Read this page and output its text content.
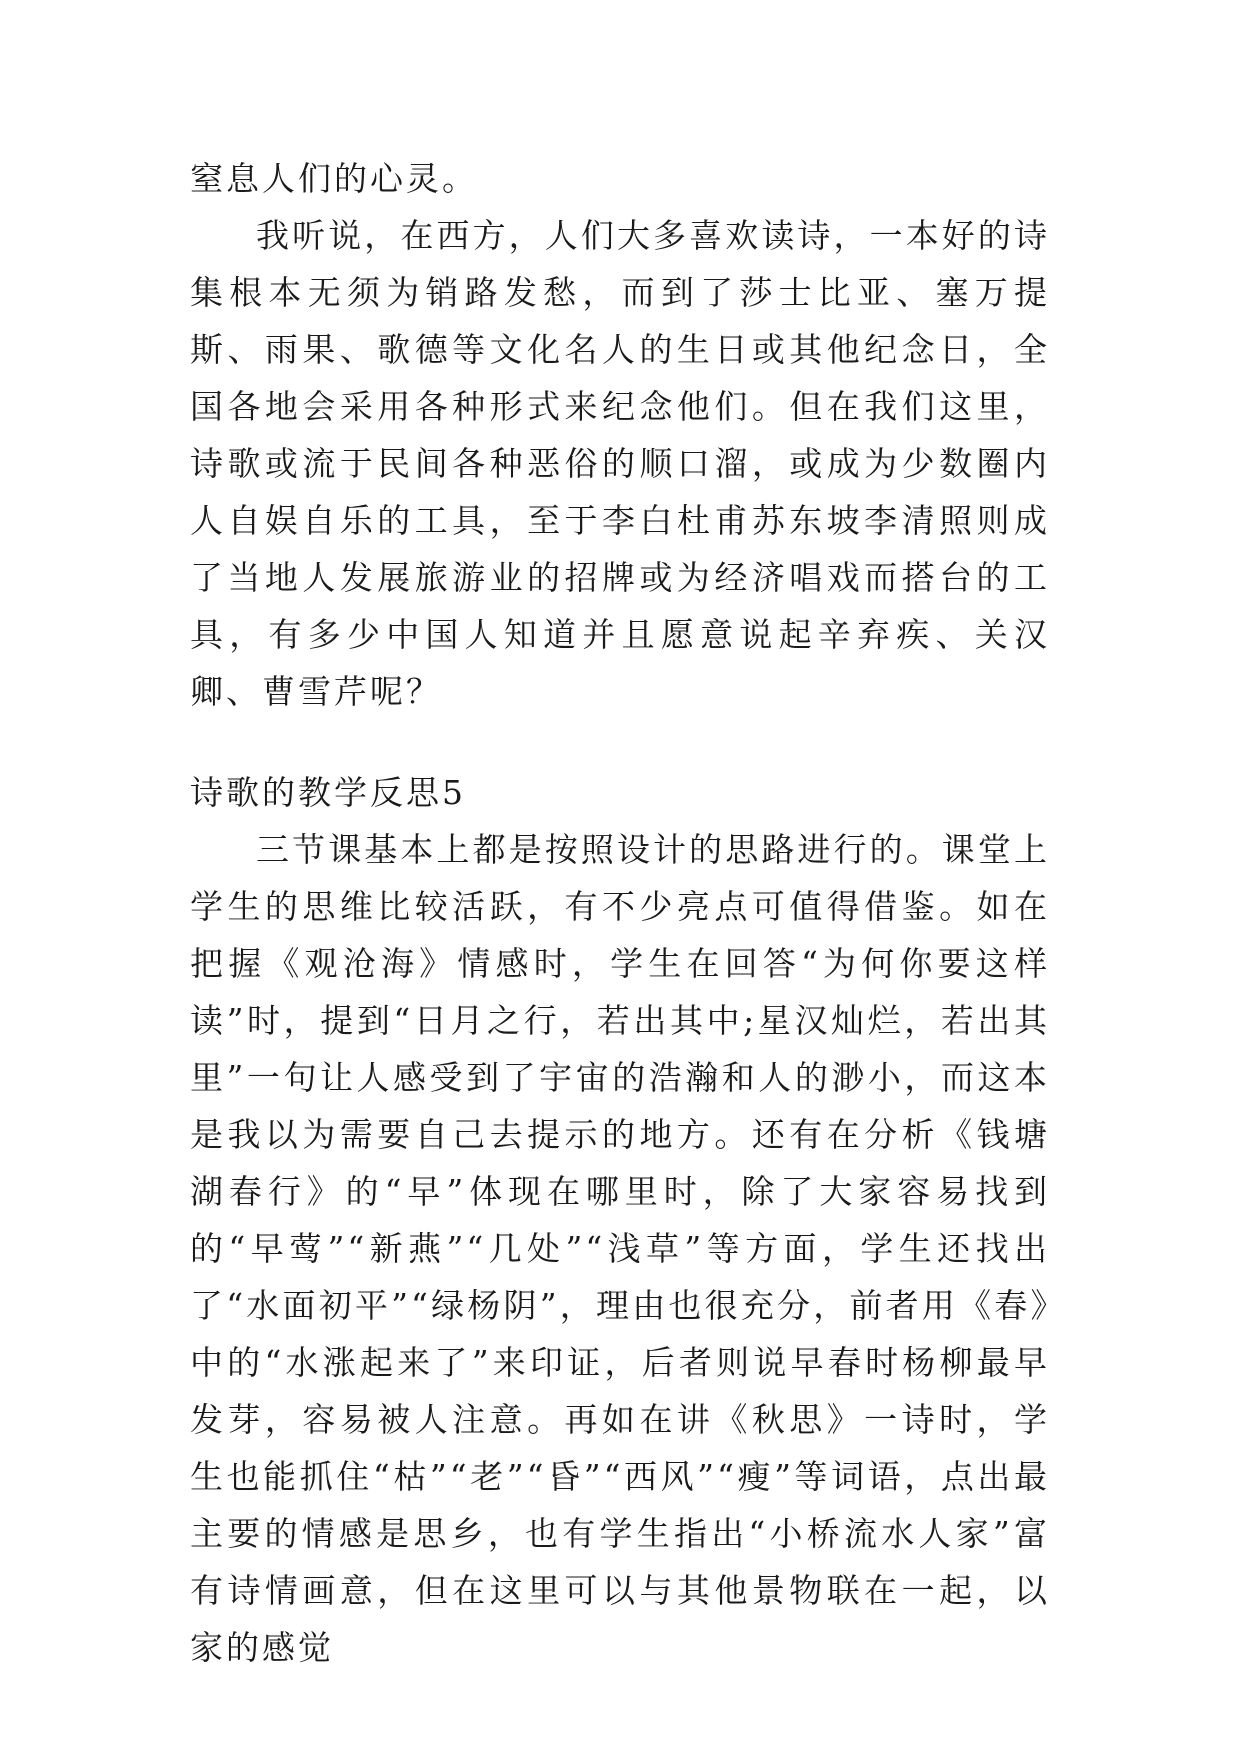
窒息人们的心灵。

我听说，在西方，人们大多喜欢读诗，一本好的诗集根本无须为销路发愁，而到了莎士比亚、塞万提斯、雨果、歌德等文化名人的生日或其他纪念日，全国各地会采用各种形式来纪念他们。但在我们这里，诗歌或流于民间各种恶俗的顺口溜，或成为少数圈内人自娱自乐的工具，至于李白杜甫苏东坡李清照则成了当地人发展旅游业的招牌或为经济唱戏而搭台的工具，有多少中国人知道并且愿意说起辛弃疾、关汉卿、曹雪芹呢？

诗歌的教学反思5

三节课基本上都是按照设计的思路进行的。课堂上学生的思维比较活跃，有不少亮点可值得借鉴。如在把握《观沧海》情感时，学生在回答“为何你要这样读”时，提到“日月之行，若出其中;星汉灿烂，若出其里”一句让人感受到了宇宙的浩瀚和人的渺小，而这本是我以为需要自己去提示的地方。还有在分析《钱塘湖春行》的“早”体现在哪里时，除了大家容易找到的“早莺”“新燕”“几处”“浅草”等方面，学生还找出了“水面初平”“绿杨阴”，理由也很充分，前者用《春》中的“水涨起来了”来印证，后者则说早春时杨柳最早发芽，容易被人注意。再如在讲《秋思》一诗时，学生也能抓住“枯”“老”“昏”“西风”“瘦”等词语，点出最主要的情感是思乡，也有学生指出“小桥流水人家”富有诗情画意，但在这里可以与其他景物联在一起，以家的感觉
